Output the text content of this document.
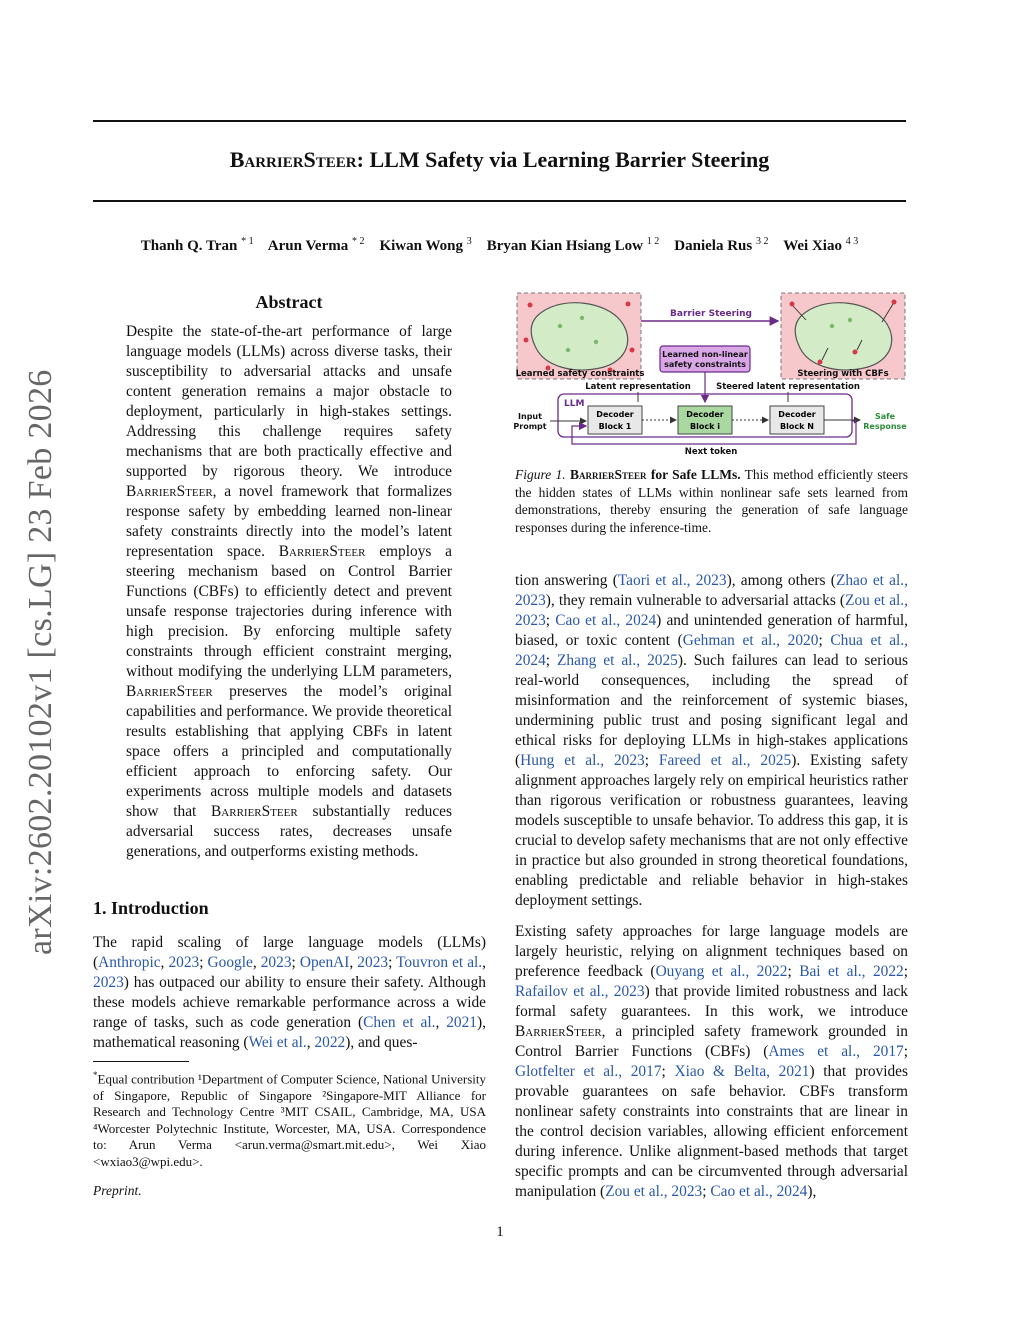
arXiv:2602.20102v1 [cs.LG] 23 Feb 2026
BarrierSteer: LLM Safety via Learning Barrier Steering
Thanh Q. Tran $^{* 1}$ Arun Verma $^{* 2}$ Kiwan Wong $^3$ Bryan Kian Hsiang Low $^{1 2}$ Daniela Rus $^{3 2}$ Wei Xiao $^{4 3}$
Abstract
Despite the state-of-the-art performance of large language models (LLMs) across diverse tasks, their susceptibility to adversarial attacks and unsafe content generation remains a major obstacle to deployment, particularly in high-stakes settings. Addressing this challenge requires safety mechanisms that are both practically effective and supported by rigorous theory. We introduce BarrierSteer, a novel framework that formalizes response safety by embedding learned non-linear safety constraints directly into the model’s latent representation space. BarrierSteer employs a steering mechanism based on Control Barrier Functions (CBFs) to efficiently detect and prevent unsafe response trajectories during inference with high precision. By enforcing multiple safety constraints through efficient constraint merging, without modifying the underlying LLM parameters, BarrierSteer preserves the model’s original capabilities and performance. We provide theoretical results establishing that applying CBFs in latent space offers a principled and computationally efficient approach to enforcing safety. Our experiments across multiple models and datasets show that BarrierSteer substantially reduces adversarial success rates, decreases unsafe generations, and outperforms existing methods.
1. Introduction
The rapid scaling of large language models (LLMs) (Anthropic, 2023; Google, 2023; OpenAI, 2023; Touvron et al., 2023) has outpaced our ability to ensure their safety. Although these models achieve remarkable performance across a wide range of tasks, such as code generation (Chen et al., 2021), mathematical reasoning (Wei et al., 2022), and ques-
*Equal contribution ¹Department of Computer Science, National University of Singapore, Republic of Singapore ²Singapore-MIT Alliance for Research and Technology Centre ³MIT CSAIL, Cambridge, MA, USA ⁴Worcester Polytechnic Institute, Worcester, MA, USA. Correspondence to: Arun Verma <arun.verma@smart.mit.edu>, Wei Xiao <wxiao3@wpi.edu>.
Preprint.
Learned safety constraints	Steering with CBFs
Barrier Steering
Learned non-linear
safety constraints
Latent representation	Steered latent representation
LLM
Input
Prompt
Decoder
Block 1
Decoder
Block i
Decoder
Block N
Safe
Response
Next token
Figure 1. BarrierSteer for Safe LLMs. This method efficiently steers the hidden states of LLMs within nonlinear safe sets learned from demonstrations, thereby ensuring the generation of safe language responses during the inference-time.
tion answering (Taori et al., 2023), among others (Zhao et al., 2023), they remain vulnerable to adversarial attacks (Zou et al., 2023; Cao et al., 2024) and unintended generation of harmful, biased, or toxic content (Gehman et al., 2020; Chua et al., 2024; Zhang et al., 2025). Such failures can lead to serious real-world consequences, including the spread of misinformation and the reinforcement of systemic biases, undermining public trust and posing significant legal and ethical risks for deploying LLMs in high-stakes applications (Hung et al., 2023; Fareed et al., 2025). Existing safety alignment approaches largely rely on empirical heuristics rather than rigorous verification or robustness guarantees, leaving models susceptible to unsafe behavior. To address this gap, it is crucial to develop safety mechanisms that are not only effective in practice but also grounded in strong theoretical foundations, enabling predictable and reliable behavior in high-stakes deployment settings.
Existing safety approaches for large language models are largely heuristic, relying on alignment techniques based on preference feedback (Ouyang et al., 2022; Bai et al., 2022; Rafailov et al., 2023) that provide limited robustness and lack formal safety guarantees. In this work, we introduce BarrierSteer, a principled safety framework grounded in Control Barrier Functions (CBFs) (Ames et al., 2017; Glotfelter et al., 2017; Xiao & Belta, 2021) that provides provable guarantees on safe behavior. CBFs transform nonlinear safety constraints into constraints that are linear in the control decision variables, allowing efficient enforcement during inference. Unlike alignment-based methods that target specific prompts and can be circumvented through adversarial manipulation (Zou et al., 2023; Cao et al., 2024),
1
